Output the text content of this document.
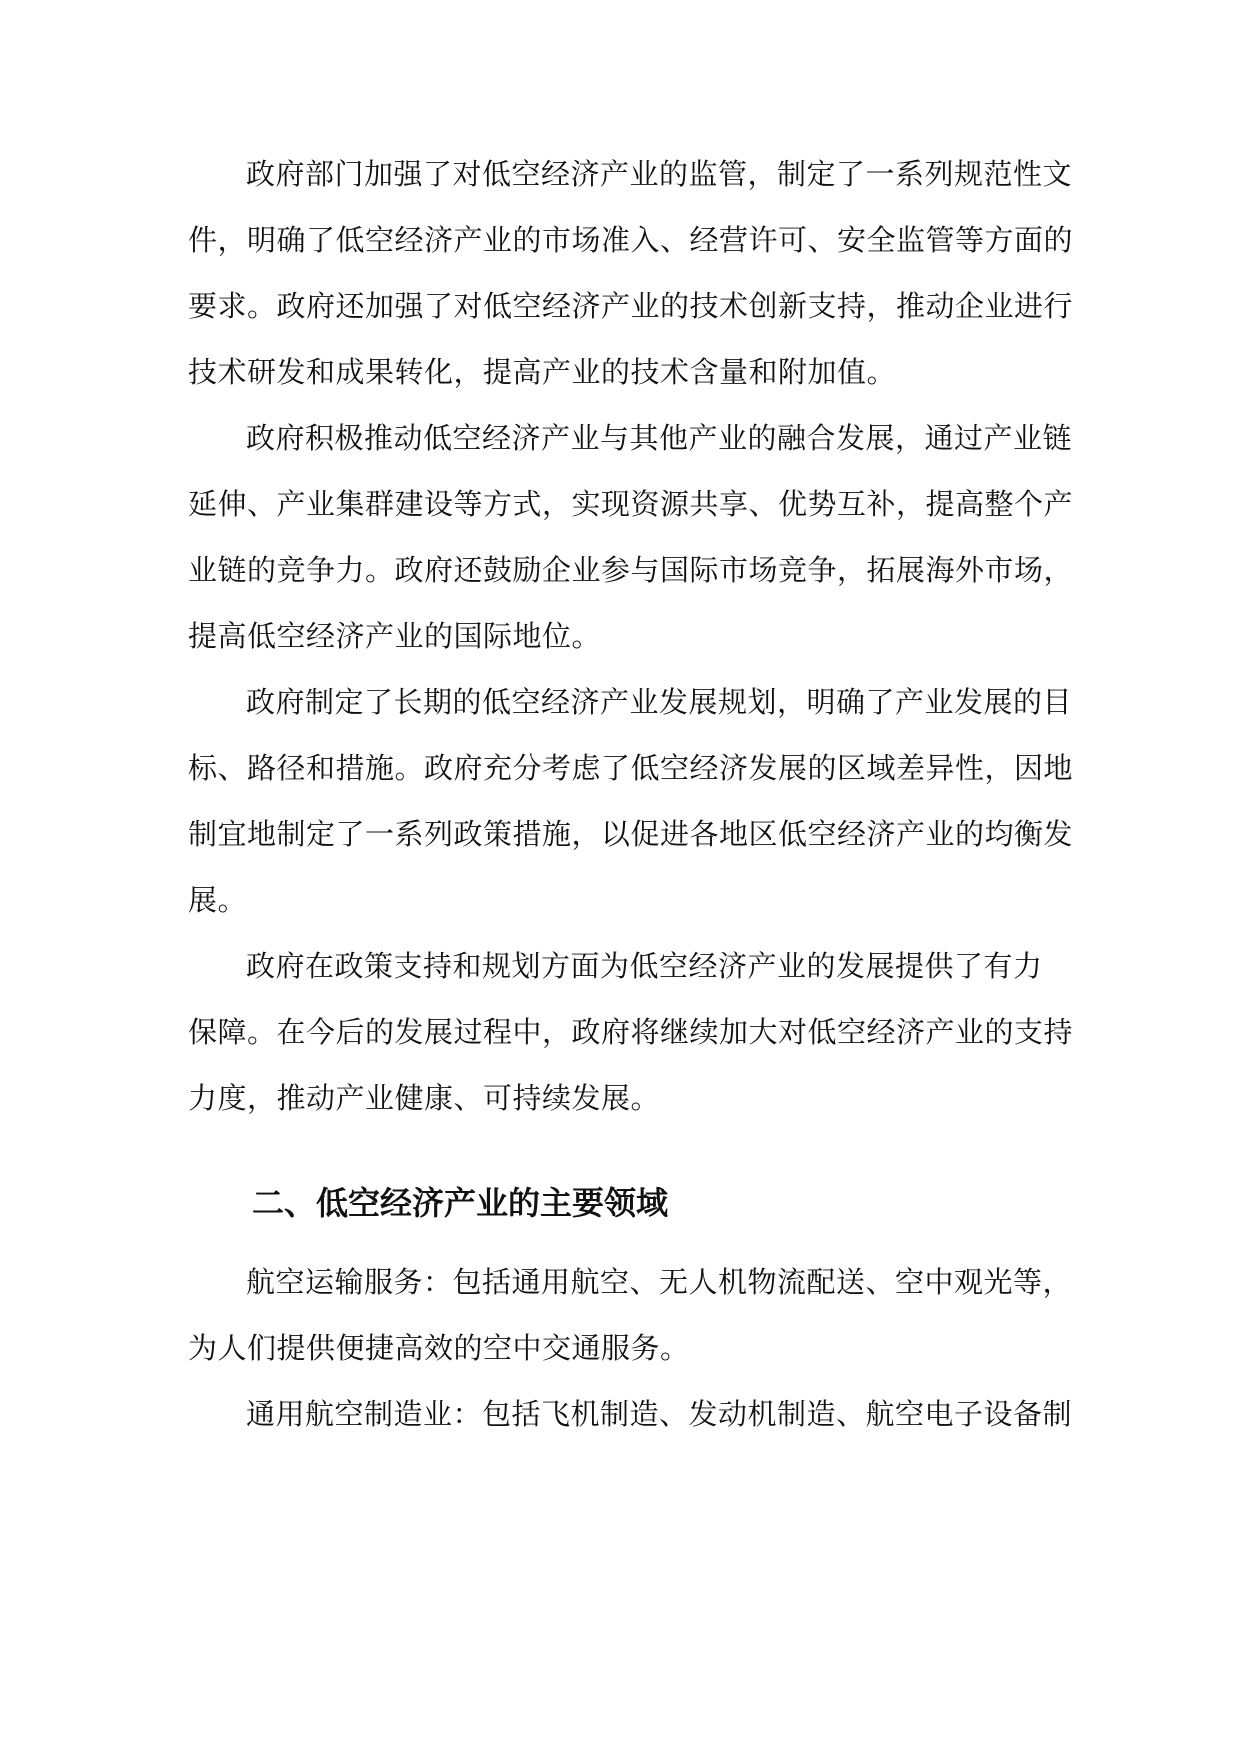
政府部门加强了对低空经济产业的监管，制定了一系列规范性文
件，明确了低空经济产业的市场准入、经营许可、安全监管等方面的
要求。政府还加强了对低空经济产业的技术创新支持，推动企业进行
技术研发和成果转化，提高产业的技术含量和附加值。
政府积极推动低空经济产业与其他产业的融合发展，通过产业链
延伸、产业集群建设等方式，实现资源共享、优势互补，提高整个产
业链的竞争力。政府还鼓励企业参与国际市场竞争，拓展海外市场，
提高低空经济产业的国际地位。
政府制定了长期的低空经济产业发展规划，明确了产业发展的目
标、路径和措施。政府充分考虑了低空经济发展的区域差异性，因地
制宜地制定了一系列政策措施，以促进各地区低空经济产业的均衡发
展。
政府在政策支持和规划方面为低空经济产业的发展提供了有力
保障。在今后的发展过程中，政府将继续加大对低空经济产业的支持
力度，推动产业健康、可持续发展。
二、低空经济产业的主要领域
航空运输服务：包括通用航空、无人机物流配送、空中观光等，
为人们提供便捷高效的空中交通服务。
通用航空制造业：包括飞机制造、发动机制造、航空电子设备制
